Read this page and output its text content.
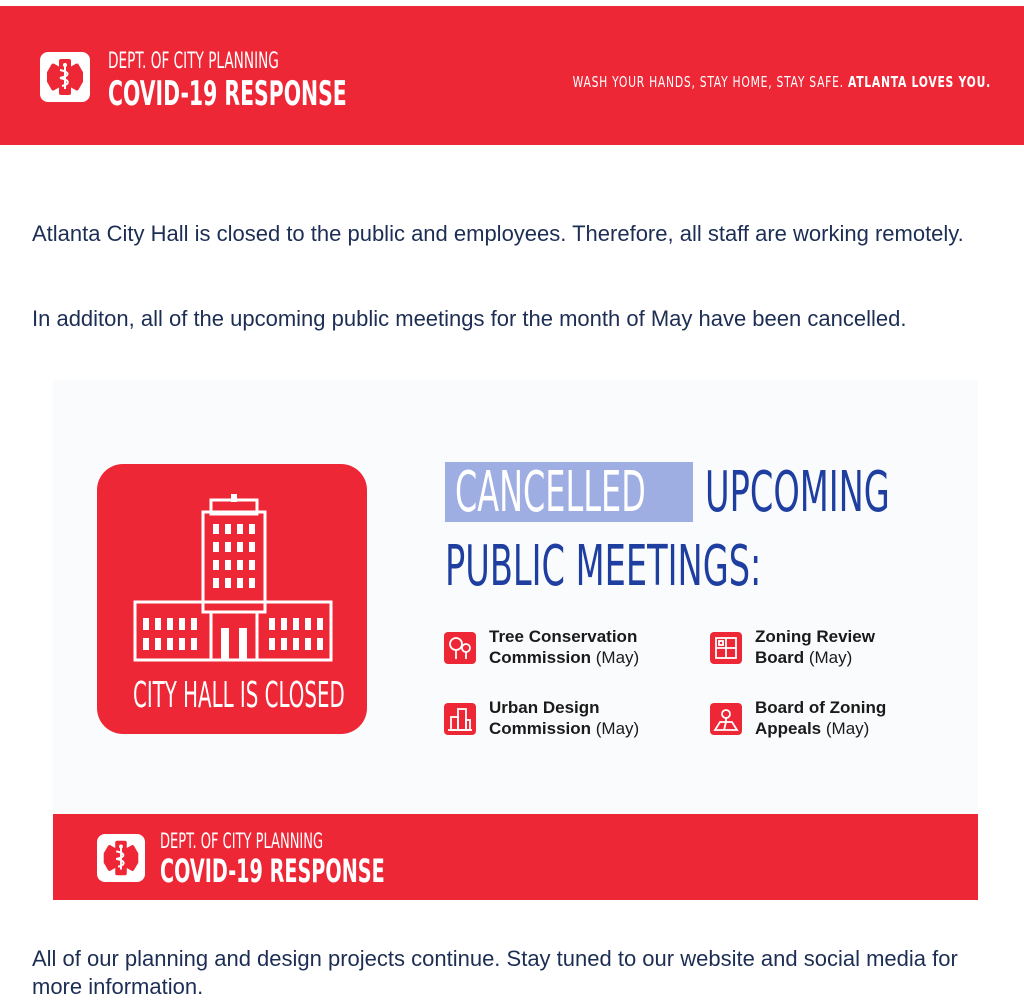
DEPT. OF CITY PLANNING
COVID-19 RESPONSE	WASH YOUR HANDS, STAY HOME, STAY SAFE. ATLANTA LOVES YOU.

Atlanta City Hall is closed to the public and employees. Therefore, all staff are working remotely.

In additon, all of the upcoming public meetings for the month of May have been cancelled.

CITY HALL IS CLOSED
CANCELLED UPCOMING
PUBLIC MEETINGS:
Tree Conservation
Commission (May)
Zoning Review
Board (May)
Urban Design
Commission (May)
Board of Zoning
Appeals (May)
DEPT. OF CITY PLANNING
COVID-19 RESPONSE

All of our planning and design projects continue. Stay tuned to our website and social media for more information.
